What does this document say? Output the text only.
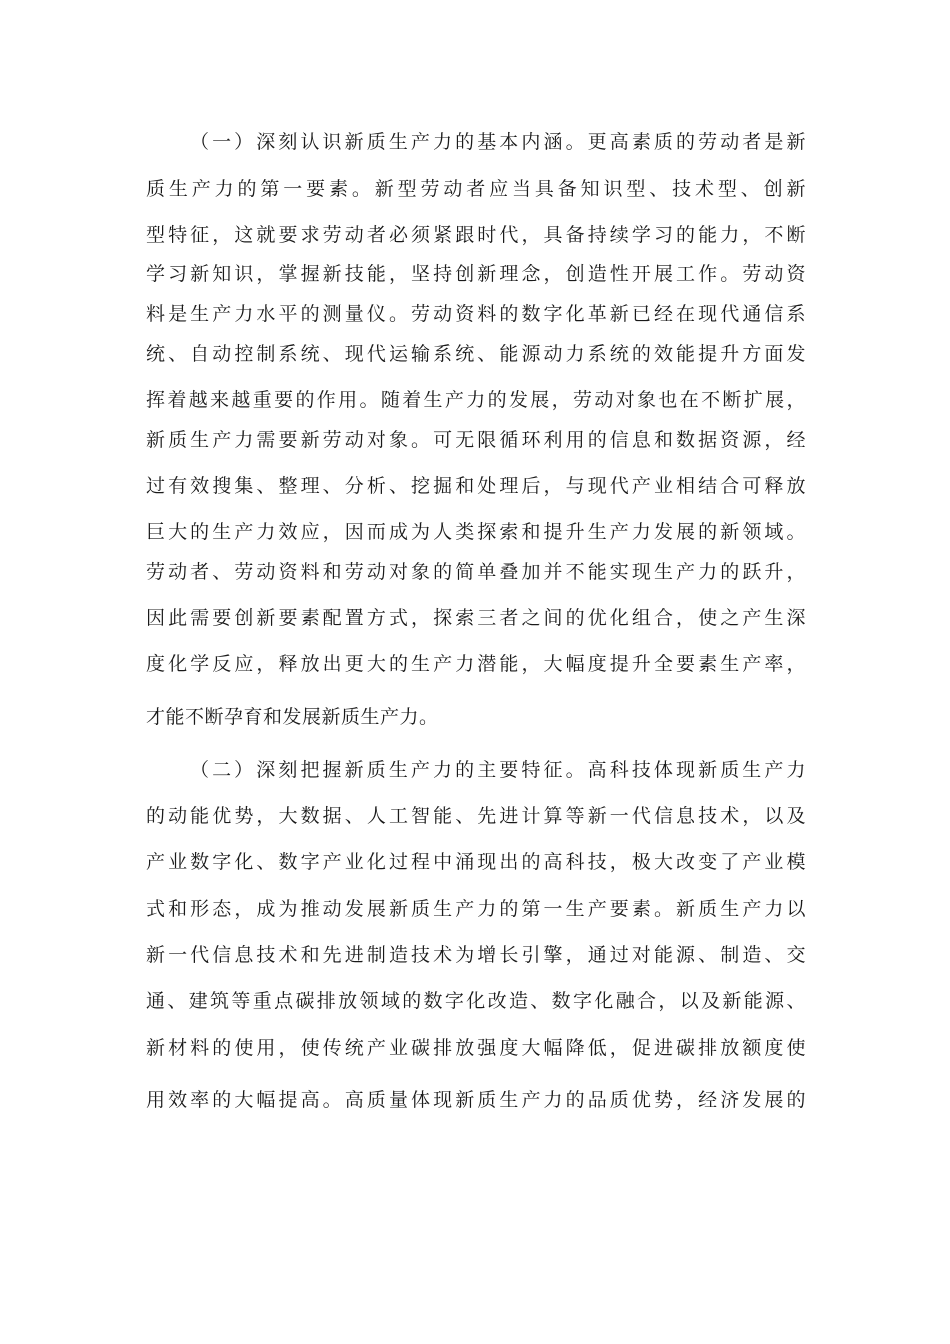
（一）深刻认识新质生产力的基本内涵。更高素质的劳动者是新
质生产力的第一要素。新型劳动者应当具备知识型、技术型、创新
型特征，这就要求劳动者必须紧跟时代，具备持续学习的能力，不断
学习新知识，掌握新技能，坚持创新理念，创造性开展工作。劳动资
料是生产力水平的测量仪。劳动资料的数字化革新已经在现代通信系
统、自动控制系统、现代运输系统、能源动力系统的效能提升方面发
挥着越来越重要的作用。随着生产力的发展，劳动对象也在不断扩展，
新质生产力需要新劳动对象。可无限循环利用的信息和数据资源，经
过有效搜集、整理、分析、挖掘和处理后，与现代产业相结合可释放
巨大的生产力效应，因而成为人类探索和提升生产力发展的新领域。
劳动者、劳动资料和劳动对象的简单叠加并不能实现生产力的跃升，
因此需要创新要素配置方式，探索三者之间的优化组合，使之产生深
度化学反应，释放出更大的生产力潜能，大幅度提升全要素生产率，
才能不断孕育和发展新质生产力。
（二）深刻把握新质生产力的主要特征。高科技体现新质生产力
的动能优势，大数据、人工智能、先进计算等新一代信息技术，以及
产业数字化、数字产业化过程中涌现出的高科技，极大改变了产业模
式和形态，成为推动发展新质生产力的第一生产要素。新质生产力以
新一代信息技术和先进制造技术为增长引擎，通过对能源、制造、交
通、建筑等重点碳排放领域的数字化改造、数字化融合，以及新能源、
新材料的使用，使传统产业碳排放强度大幅降低，促进碳排放额度使
用效率的大幅提高。高质量体现新质生产力的品质优势，经济发展的
